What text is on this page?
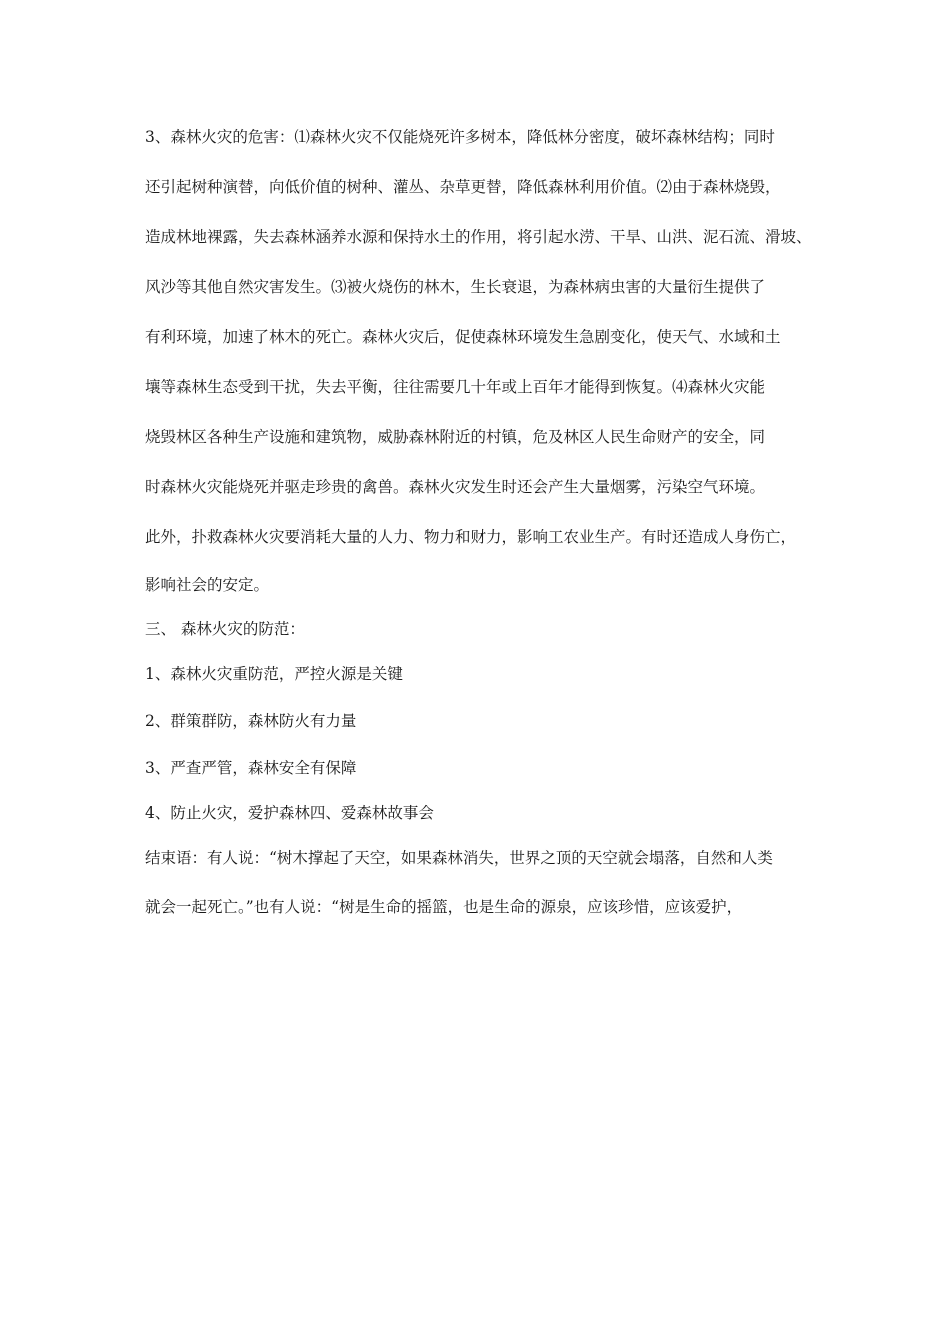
3、森林火灾的危害：⑴森林火灾不仅能烧死许多树本，降低林分密度，破坏森林结构；同时
还引起树种演替，向低价值的树种、灌丛、杂草更替，降低森林利用价值。⑵由于森林烧毁，
造成林地裸露，失去森林涵养水源和保持水土的作用，将引起水涝、干旱、山洪、泥石流、滑坡、
风沙等其他自然灾害发生。⑶被火烧伤的林木，生长衰退，为森林病虫害的大量衍生提供了
有利环境，加速了林木的死亡。森林火灾后，促使森林环境发生急剧变化，使天气、水域和土
壤等森林生态受到干扰，失去平衡，往往需要几十年或上百年才能得到恢复。⑷森林火灾能
烧毁林区各种生产设施和建筑物，威胁森林附近的村镇，危及林区人民生命财产的安全，同
时森林火灾能烧死并驱走珍贵的禽兽。森林火灾发生时还会产生大量烟雾，污染空气环境。
此外，扑救森林火灾要消耗大量的人力、物力和财力，影响工农业生产。有时还造成人身伤亡，
影响社会的安定。
三、 森林火灾的防范：
1、森林火灾重防范，严控火源是关键
2、群策群防，森林防火有力量
3、严查严管，森林安全有保障
4、防止火灾，爱护森林四、爱森林故事会
结束语：有人说：“树木撑起了天空，如果森林消失，世界之顶的天空就会塌落，自然和人类
就会一起死亡。”也有人说：“树是生命的摇篮，也是生命的源泉，应该珍惜，应该爱护，
